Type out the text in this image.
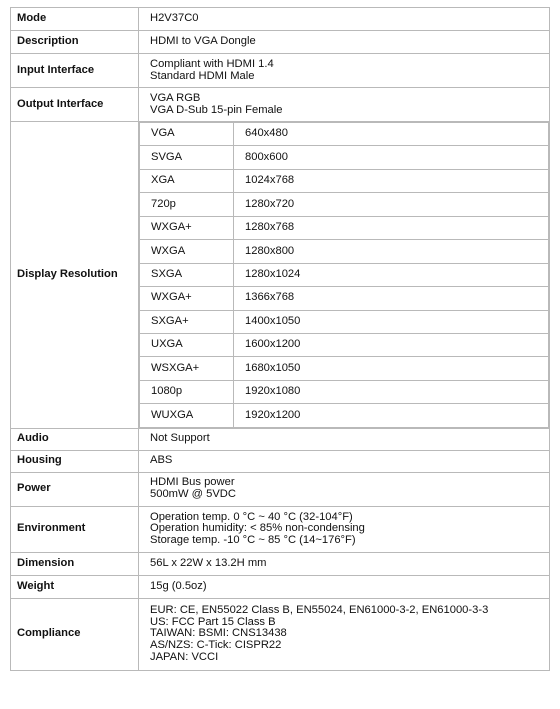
Mode	H2V37C0
Description	HDMI to VGA Dongle
Input Interface	Compliant with HDMI 1.4
Standard HDMI Male

Output Interface	VGA RGB
VGA D-Sub 15-pin Female

Display Resolution	
VGA	640x480
SVGA	800x600
XGA	1024x768
720p	1280x720
WXGA+	1280x768
WXGA	1280x800
SXGA	1280x1024
WXGA+	1366x768
SXGA+	1400x1050
UXGA	1600x1200
WSXGA+	1680x1050
1080p	1920x1080
WUXGA	1920x1200

Audio	Not Support
Housing	ABS
Power	HDMI Bus power
500mW @ 5VDC

Environment	
Operation temp. 0 °C ~ 40 °C (32-104°F)
Operation humidity: < 85% non-condensing
Storage temp. -10 °C ~ 85 °C (14~176°F)

Dimension	56L x 22W x 13.2H mm
Weight	15g (0.5oz)
Compliance	
EUR: CE, EN55022 Class B, EN55024, EN61000-3-2, EN61000-3-3
US: FCC Part 15 Class B
TAIWAN: BSMI: CNS13438
AS/NZS: C-Tick: CISPR22
JAPAN: VCCI
